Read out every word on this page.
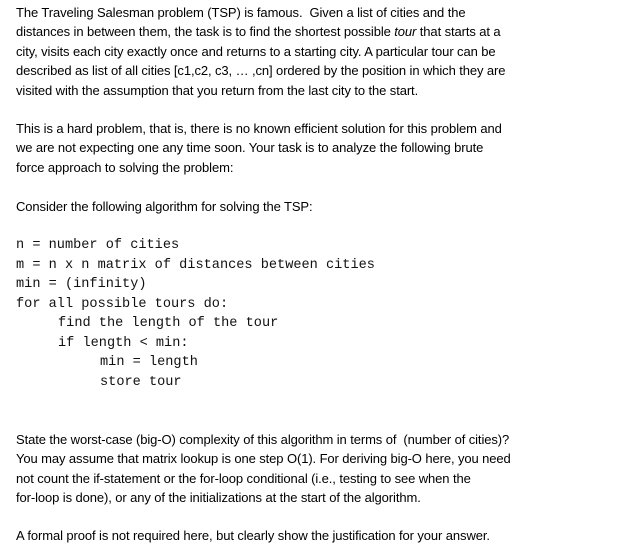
The Traveling Salesman problem (TSP) is famous.  Given a list of cities and the
distances in between them, the task is to find the shortest possible tour that starts at a
city, visits each city exactly once and returns to a starting city. A particular tour can be
described as list of all cities [c1,c2, c3, … ,cn] ordered by the position in which they are
visited with the assumption that you return from the last city to the start.
This is a hard problem, that is, there is no known efficient solution for this problem and
we are not expecting one any time soon. Your task is to analyze the following brute
force approach to solving the problem:
Consider the following algorithm for solving the TSP:
n = number of cities
m = n x n matrix of distances between cities
min = (infinity)
for all possible tours do:
find the length of the tour
if length < min:
min = length
store tour
State the worst-case (big-O) complexity of this algorithm in terms of  (number of cities)?
You may assume that matrix lookup is one step O(1). For deriving big-O here, you need
not count the if-statement or the for-loop conditional (i.e., testing to see when the
for-loop is done), or any of the initializations at the start of the algorithm.
A formal proof is not required here, but clearly show the justification for your answer.
